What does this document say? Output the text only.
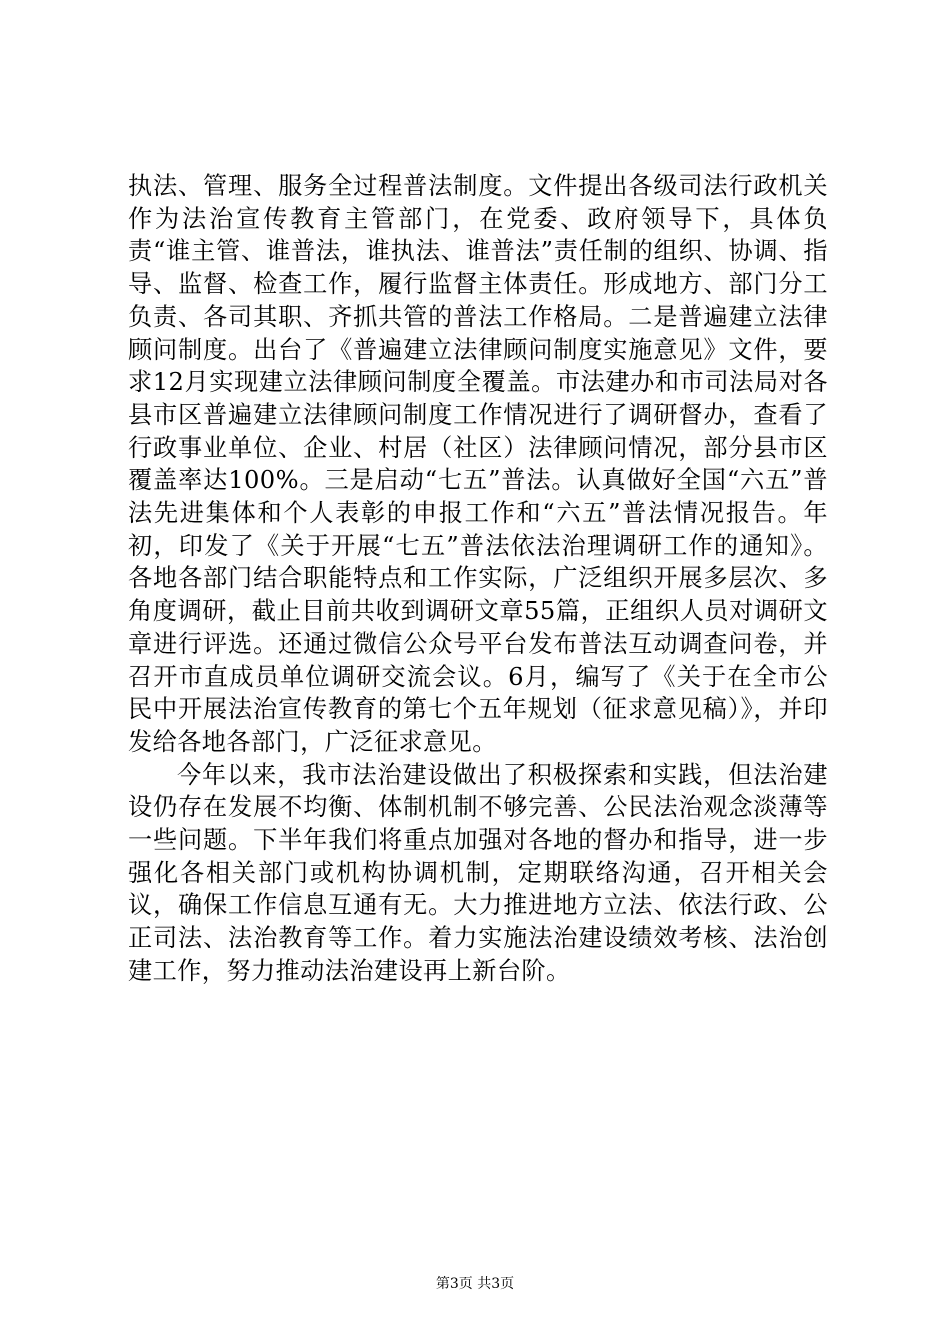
执法、管理、服务全过程普法制度。文件提出各级司法行政机关作为法治宣传教育主管部门，在党委、政府领导下，具体负责“谁主管、谁普法，谁执法、谁普法”责任制的组织、协调、指导、监督、检查工作，履行监督主体责任。形成地方、部门分工负责、各司其职、齐抓共管的普法工作格局。二是普遍建立法律顾问制度。出台了《普遍建立法律顾问制度实施意见》文件，要求12月实现建立法律顾问制度全覆盖。市法建办和市司法局对各县市区普遍建立法律顾问制度工作情况进行了调研督办，查看了行政事业单位、企业、村居（社区）法律顾问情况，部分县市区覆盖率达100%。三是启动“七五”普法。认真做好全国“六五”普法先进集体和个人表彰的申报工作和“六五”普法情况报告。年初，印发了《关于开展“七五”普法依法治理调研工作的通知》。各地各部门结合职能特点和工作实际，广泛组织开展多层次、多角度调研，截止目前共收到调研文章55篇，正组织人员对调研文章进行评选。还通过微信公众号平台发布普法互动调查问卷，并召开市直成员单位调研交流会议。6月，编写了《关于在全市公民中开展法治宣传教育的第七个五年规划（征求意见稿）》，并印发给各地各部门，广泛征求意见。

今年以来，我市法治建设做出了积极探索和实践，但法治建设仍存在发展不均衡、体制机制不够完善、公民法治观念淡薄等一些问题。下半年我们将重点加强对各地的督办和指导，进一步强化各相关部门或机构协调机制，定期联络沟通，召开相关会议，确保工作信息互通有无。大力推进地方立法、依法行政、公正司法、法治教育等工作。着力实施法治建设绩效考核、法治创建工作，努力推动法治建设再上新台阶。

第3页 共3页
